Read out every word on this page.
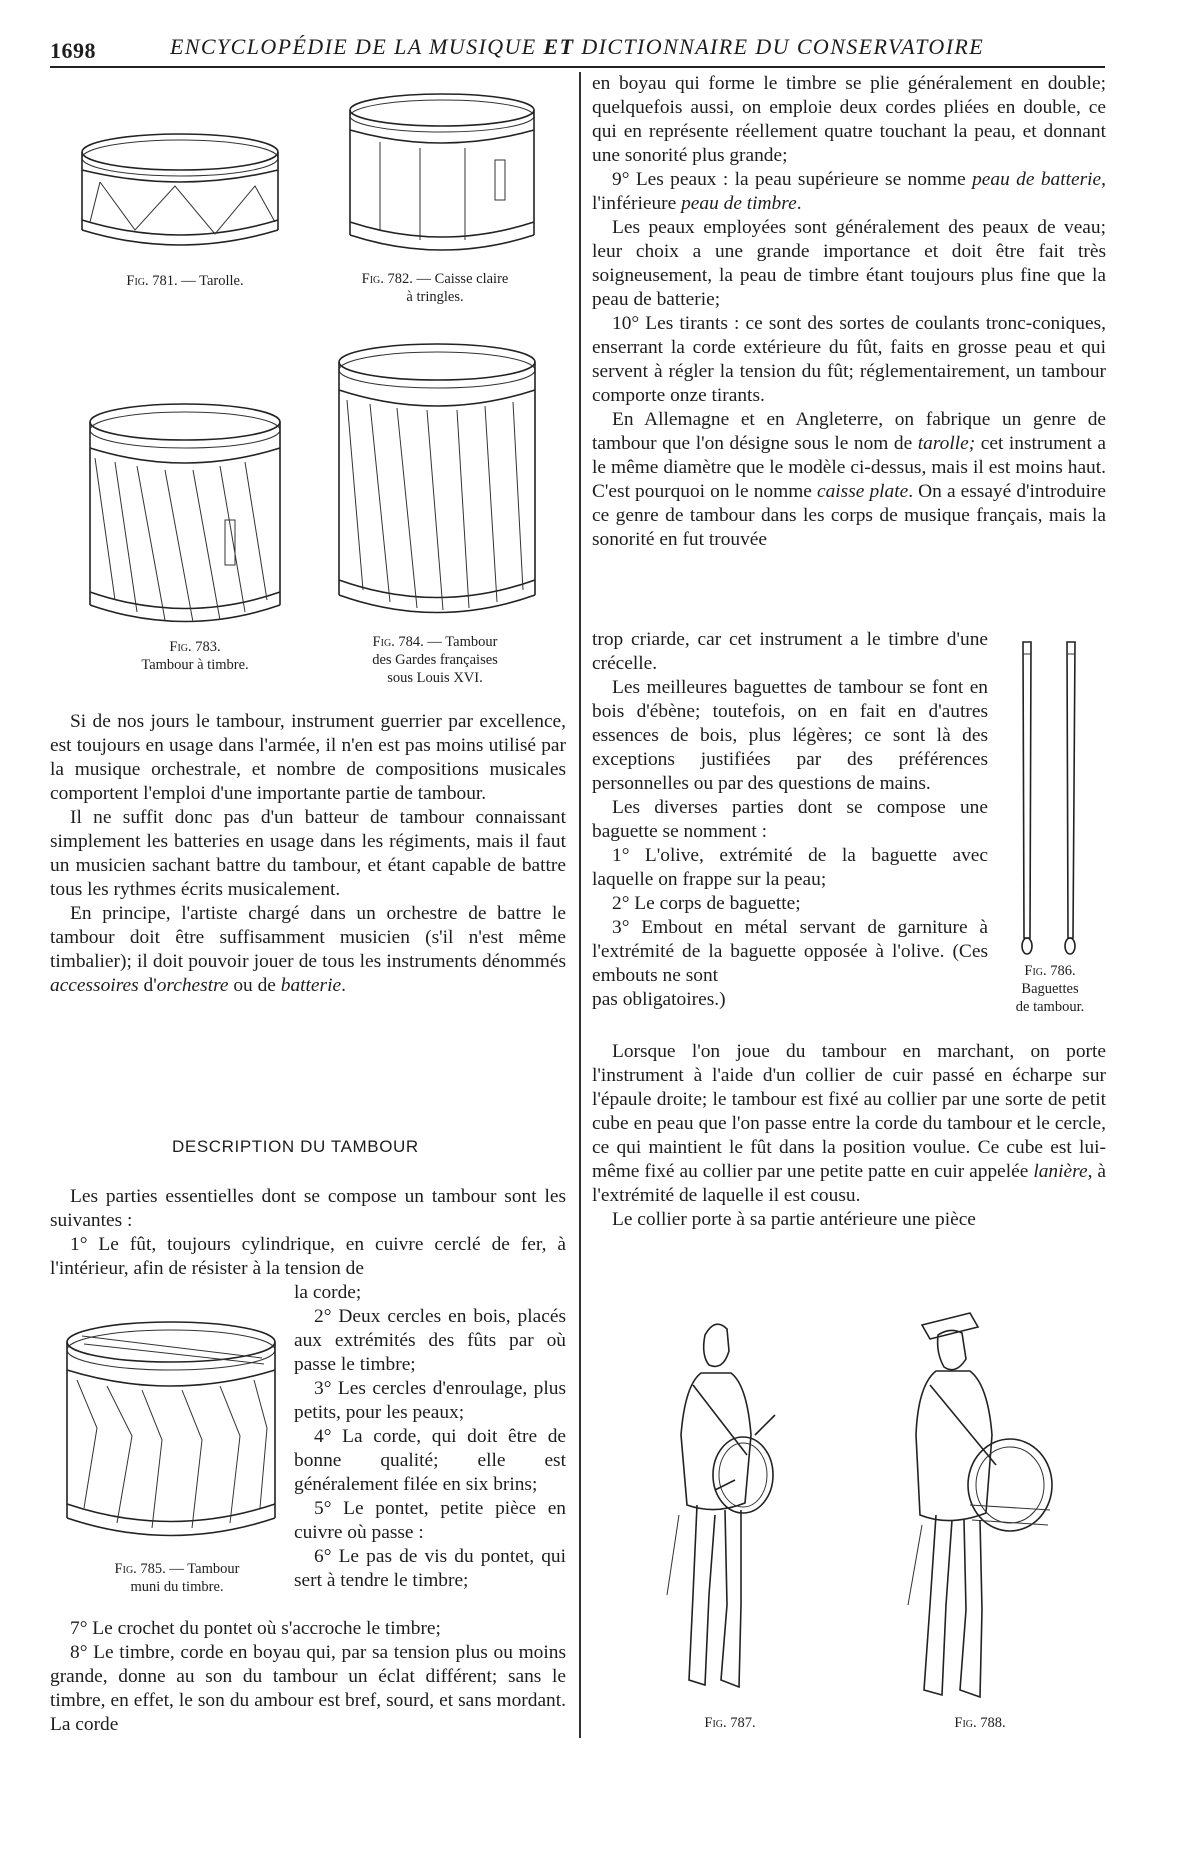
1698	ENCYCLOPÉDIE DE LA MUSIQUE ET DICTIONNAIRE DU CONSERVATOIRE
Fig. 781. — Tarolle.	Fig. 782. — Caisse claire
à tringles.
Fig. 783.
Tambour à timbre.
Fig. 784. — Tambour
des Gardes françaises
sous Louis XVI.

Si de nos jours le tambour, instrument guerrier par excellence, est toujours en usage dans l'armée, il n'en est pas moins utilisé par la musique orchestrale, et nombre de compositions musicales comportent l'emploi d'une importante partie de tambour.

Il ne suffit donc pas d'un batteur de tambour connaissant simplement les batteries en usage dans les régiments, mais il faut un musicien sachant battre du tambour, et étant capable de battre tous les rythmes écrits musicalement.

En principe, l'artiste chargé dans un orchestre de battre le tambour doit être suffisamment musicien (s'il n'est même timbalier); il doit pouvoir jouer de tous les instruments dénommés accessoires d'orchestre ou de batterie.

DESCRIPTION DU TAMBOUR

Les parties essentielles dont se compose un tambour sont les suivantes :

1° Le fût, toujours cylindrique, en cuivre cerclé de fer, à l'intérieur, afin de résister à la tension de

Fig. 785. — Tambour
muni du timbre.

la corde;

2° Deux cercles en bois, placés aux extrémités des fûts par où passe le timbre;

3° Les cercles d'enroulage, plus petits, pour les peaux;

4° La corde, qui doit être de bonne qualité; elle est généralement filée en six brins;

5° Le pontet, petite pièce en cuivre où passe :

6° Le pas de vis du pontet, qui sert à tendre le timbre;

7° Le crochet du pontet où s'accroche le timbre;

8° Le timbre, corde en boyau qui, par sa tension plus ou moins grande, donne au son du tambour un éclat différent; sans le timbre, en effet, le son du ambour est bref, sourd, et sans mordant. La corde

en boyau qui forme le timbre se plie généralement en double; quelquefois aussi, on emploie deux cordes pliées en double, ce qui en représente réellement quatre touchant la peau, et donnant une sonorité plus grande;

9° Les peaux : la peau supérieure se nomme peau de batterie, l'inférieure peau de timbre.

Les peaux employées sont généralement des peaux de veau; leur choix a une grande importance et doit être fait très soigneusement, la peau de timbre étant toujours plus fine que la peau de batterie;

10° Les tirants : ce sont des sortes de coulants tronc-coniques, enserrant la corde extérieure du fût, faits en grosse peau et qui servent à régler la tension du fût; réglementairement, un tambour comporte onze tirants.

En Allemagne et en Angleterre, on fabrique un genre de tambour que l'on désigne sous le nom de tarolle; cet instrument a le même diamètre que le modèle ci-dessus, mais il est moins haut. C'est pourquoi on le nomme caisse plate. On a essayé d'introduire ce genre de tambour dans les corps de musique français, mais la sonorité en fut trouvée

trop criarde, car cet instrument a le timbre d'une crécelle.

Les meilleures baguettes de tambour se font en bois d'ébène; toutefois, on en fait en d'autres essences de bois, plus légères; ce sont là des exceptions justifiées par des préférences personnelles ou par des questions de mains.

Les diverses parties dont se compose une baguette se nomment :

1° L'olive, extrémité de la baguette avec laquelle on frappe sur la peau;

2° Le corps de baguette;

3° Embout en métal servant de garniture à l'extrémité de la baguette opposée à l'olive. (Ces embouts ne sont

pas obligatoires.)

Fig. 786.
Baguettes
de tambour.

Lorsque l'on joue du tambour en marchant, on porte l'instrument à l'aide d'un collier de cuir passé en écharpe sur l'épaule droite; le tambour est fixé au collier par une sorte de petit cube en peau que l'on passe entre la corde du tambour et le cercle, ce qui maintient le fût dans la position voulue. Ce cube est lui-même fixé au collier par une petite patte en cuir appelée lanière, à l'extrémité de laquelle il est cousu.

Le collier porte à sa partie antérieure une pièce

Fig. 787.	Fig. 788.
